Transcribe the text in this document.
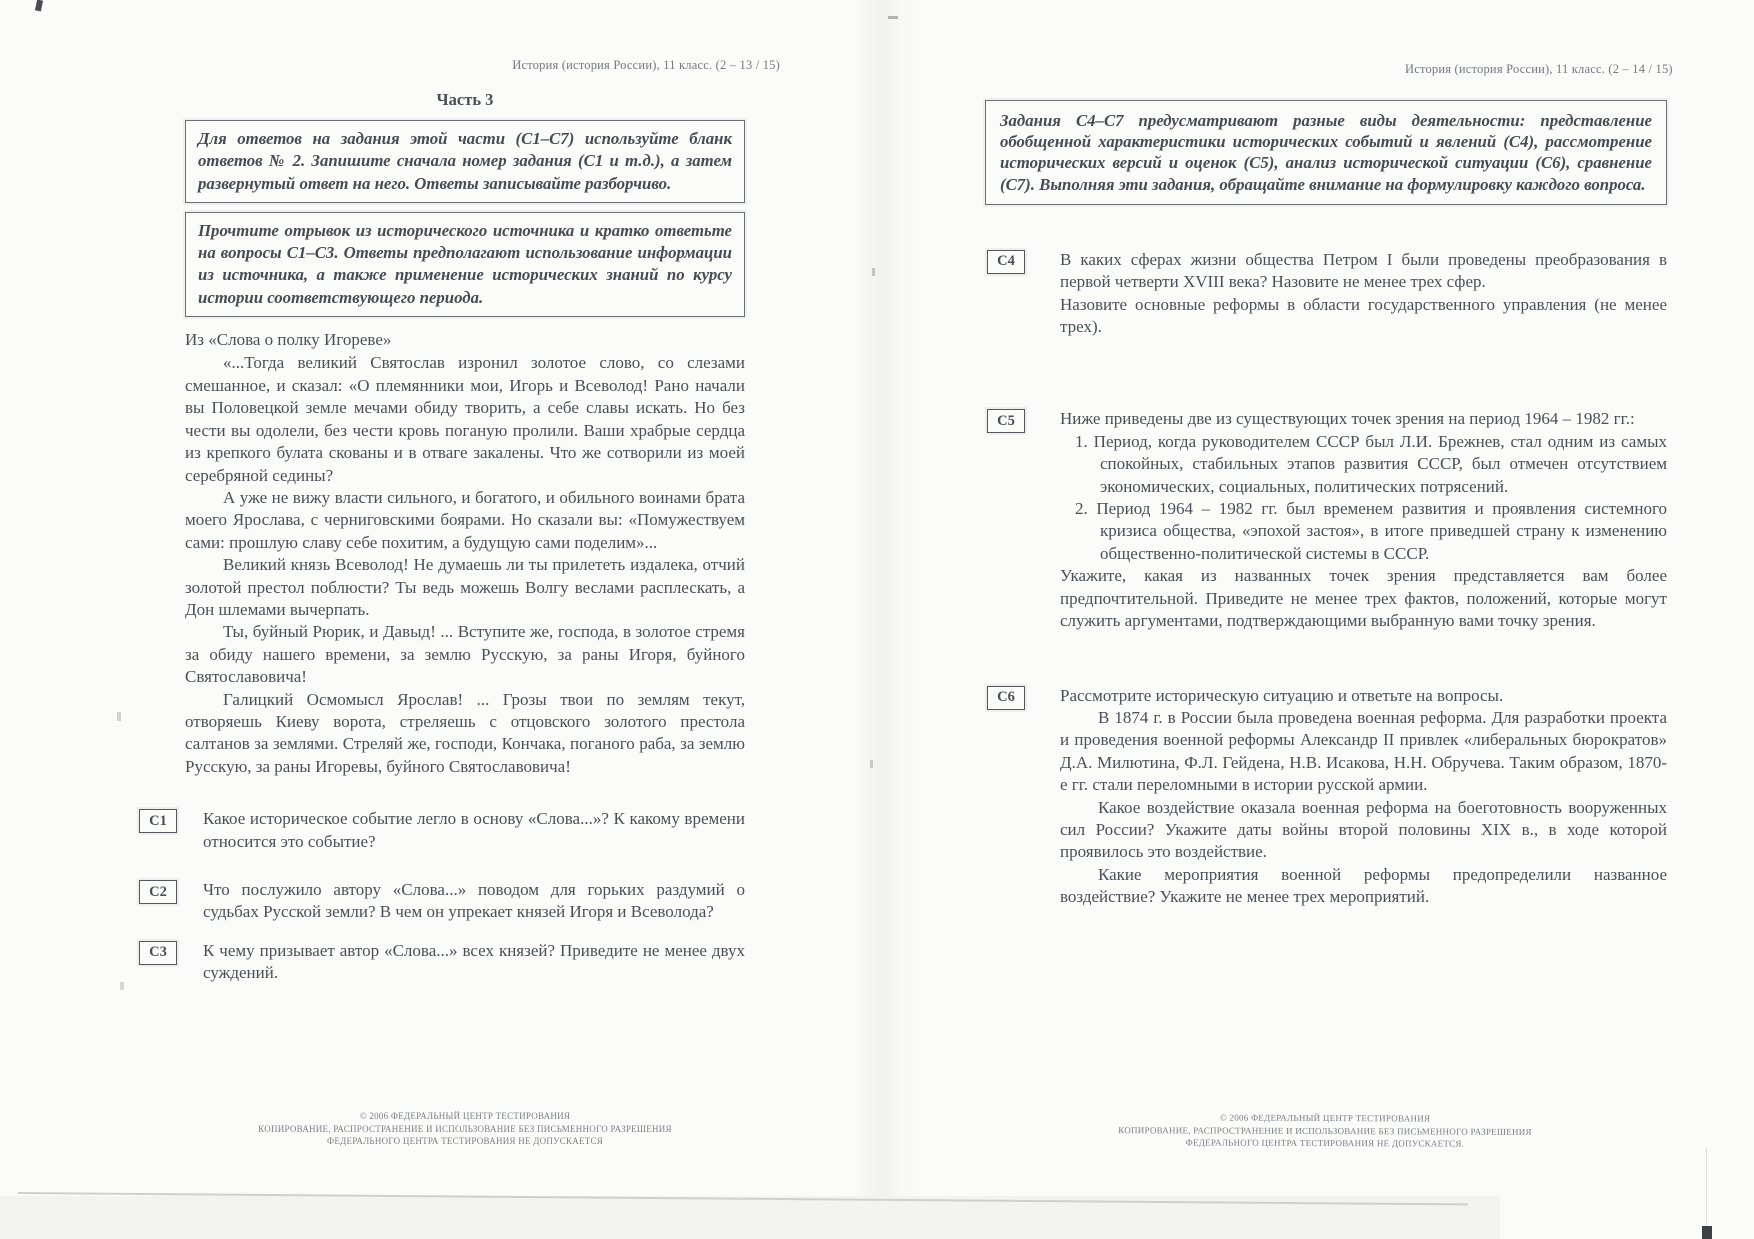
История (история России), 11 класс. (2 – 13 / 15)
Часть 3

Для ответов на задания этой части (С1–С7) используйте бланк ответов № 2. Запишите сначала номер задания (С1 и т.д.), а затем развернутый ответ на него. Ответы записывайте разборчиво.

Прочтите отрывок из исторического источника и кратко ответьте на вопросы С1–С3. Ответы предполагают использование информации из источника, а также применение исторических знаний по курсу истории соответствующего периода.

Из «Слова о полку Игореве»

«...Тогда великий Святослав изронил золотое слово, со слезами смешанное, и сказал: «О племянники мои, Игорь и Всеволод! Рано начали вы Половецкой земле мечами обиду творить, а себе славы искать. Но без чести вы одолели, без чести кровь поганую пролили. Ваши храбрые сердца из крепкого булата скованы и в отваге закалены. Что же сотворили из моей серебряной седины?

А уже не вижу власти сильного, и богатого, и обильного воинами брата моего Ярослава, с черниговскими боярами. Но сказали вы: «Помужествуем сами: прошлую славу себе похитим, а будущую сами поделим»...

Великий князь Всеволод! Не думаешь ли ты прилететь издалека, отчий золотой престол поблюсти? Ты ведь можешь Волгу веслами расплескать, а Дон шлемами вычерпать.

Ты, буйный Рюрик, и Давыд! ... Вступите же, господа, в золотое стремя за обиду нашего времени, за землю Русскую, за раны Игоря, буйного Святославовича!

Галицкий Осмомысл Ярослав! ... Грозы твои по землям текут, отворяешь Киеву ворота, стреляешь с отцовского золотого престола салтанов за землями. Стреляй же, господи, Кончака, поганого раба, за землю Русскую, за раны Игоревы, буйного Святославовича!

С1	Какое историческое событие легло в основу «Слова...»? К какому времени относится это событие?

С2	Что послужило автору «Слова...» поводом для горьких раздумий о судьбах Русской земли? В чем он упрекает князей Игоря и Всеволода?

С3	К чему призывает автор «Слова...» всех князей? Приведите не менее двух суждений.

© 2006 ФЕДЕРАЛЬНЫЙ ЦЕНТР ТЕСТИРОВАНИЯ
КОПИРОВАНИЕ, РАСПРОСТРАНЕНИЕ И ИСПОЛЬЗОВАНИЕ БЕЗ ПИСЬМЕННОГО РАЗРЕШЕНИЯ
ФЕДЕРАЛЬНОГО ЦЕНТРА ТЕСТИРОВАНИЯ НЕ ДОПУСКАЕТСЯ
История (история России), 11 класс. (2 – 14 / 15)

Задания С4–С7 предусматривают разные виды деятельности: представление обобщенной характеристики исторических событий и явлений (С4), рассмотрение исторических версий и оценок (С5), анализ исторической ситуации (С6), сравнение (С7). Выполняя эти задания, обращайте внимание на формулировку каждого вопроса.

С4	В каких сферах жизни общества Петром I были проведены преобразования в первой четверти XVIII века? Назовите не менее трех сфер.

Назовите основные реформы в области государственного управления (не менее трех).

С5	Ниже приведены две из существующих точек зрения на период 1964 – 1982 гг.:

1. Период, когда руководителем СССР был Л.И. Брежнев, стал одним из самых спокойных, стабильных этапов развития СССР, был отмечен отсутствием экономических, социальных, политических потрясений.

2. Период 1964 – 1982 гг. был временем развития и проявления системного кризиса общества, «эпохой застоя», в итоге приведшей страну к изменению общественно-политической системы в СССР.

Укажите, какая из названных точек зрения представляется вам более предпочтительной. Приведите не менее трех фактов, положений, которые могут служить аргументами, подтверждающими выбранную вами точку зрения.

С6	Рассмотрите историческую ситуацию и ответьте на вопросы.

В 1874 г. в России была проведена военная реформа. Для разработки проекта и проведения военной реформы Александр II привлек «либеральных бюрократов» Д.А. Милютина, Ф.Л. Гейдена, Н.В. Исакова, Н.Н. Обручева. Таким образом, 1870-е гг. стали переломными в истории русской армии.

Какое воздействие оказала военная реформа на боеготовность вооруженных сил России? Укажите даты войны второй половины XIX в., в ходе которой проявилось это воздействие.

Какие мероприятия военной реформы предопределили названное воздействие? Укажите не менее трех мероприятий.

© 2006 ФЕДЕРАЛЬНЫЙ ЦЕНТР ТЕСТИРОВАНИЯ
КОПИРОВАНИЕ, РАСПРОСТРАНЕНИЕ И ИСПОЛЬЗОВАНИЕ БЕЗ ПИСЬМЕННОГО РАЗРЕШЕНИЯ
ФЕДЕРАЛЬНОГО ЦЕНТРА ТЕСТИРОВАНИЯ НЕ ДОПУСКАЕТСЯ.
